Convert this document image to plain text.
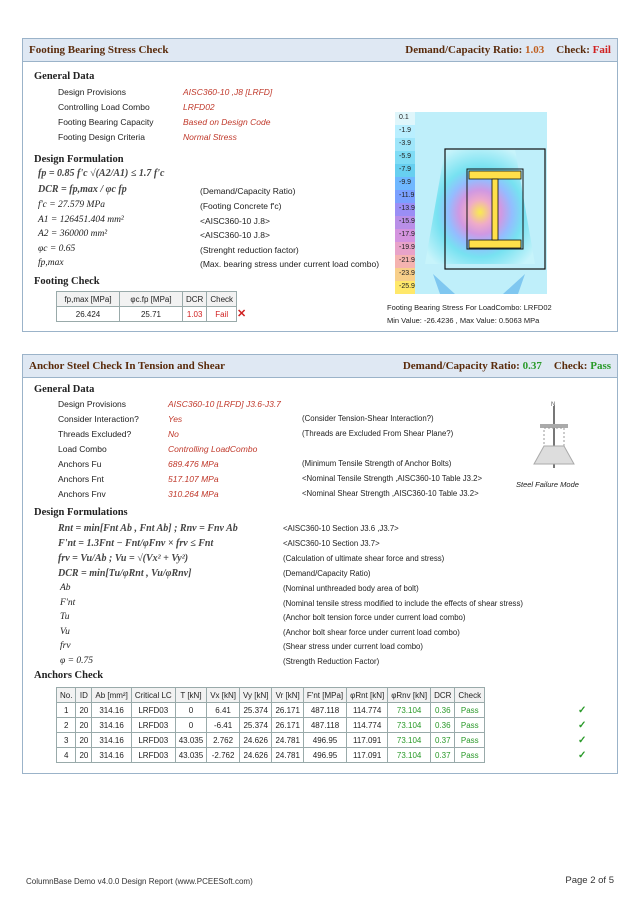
Footing Bearing Stress Check	Demand/Capacity Ratio: 1.03 Check: Fail
General Data
Design Provisions	AISC360-10 ,J8 [LRFD]
Controlling Load Combo	LRFD02
Footing Bearing Capacity	Based on Design Code
Footing Design Criteria	Normal Stress
Design Formulation
fp = 0.85 f'c √(A2/A1) ≤ 1.7 f'c
DCR = fp,max / φc fp	(Demand/Capacity Ratio)
f'c = 27.579 MPa	(Footing Concrete f'c)
A1 = 126451.404 mm²	<AISC360-10 J.8>
A2 = 360000 mm²	<AISC360-10 J.8>
φc = 0.65	(Strenght reduction factor)
fp,max	(Max. bearing stress under current load combo)
Footing Check
fp,max [MPa]	φc.fp [MPa]	DCR	Check
26.424	25.71	1.03	Fail ✕
0.1
-1.9
-3.9
-5.9
-7.9
-9.9
-11.9
-13.9
-15.9
-17.9
-19.9
-21.9
-23.9
-25.9
Footing Bearing Stress For LoadCombo: LRFD02
Min Value: -26.4236 , Max Value: 0.5063 MPa
Anchor Steel Check In Tension and Shear	Demand/Capacity Ratio: 0.37 Check: Pass
General Data
Design Provisions	AISC360-10 [LRFD] J3.6-J3.7
Consider Interaction?	Yes	(Consider Tension-Shear Interaction?)
Threads Excluded?	No	(Threads are Excluded From Shear Plane?)
Load Combo	Controlling LoadCombo
Anchors Fu	689.476 MPa	(Minimum Tensile Strength of Anchor Bolts)
Anchors Fnt	517.107 MPa	<Nominal Tensile Strength ,AISC360-10 Table J3.2>
Anchors Fnv	310.264 MPa	<Nominal Shear Strength ,AISC360-10 Table J3.2>
N
Steel Failure Mode
Design Formulations
Rnt = min[Fnt Ab , Fnt Ab] ; Rnv = Fnv Ab	<AISC360-10 Section J3.6 ,J3.7>
F'nt = 1.3Fnt − Fnt/φFnv × frv ≤ Fnt	<AISC360-10 Section J3.7>
frv = Vu/Ab ; Vu = √(Vx² + Vy²)	(Calculation of ultimate shear force and stress)
DCR = min[Tu/φRnt , Vu/φRnv]	(Demand/Capacity Ratio)
Ab	(Nominal unthreaded body area of bolt)
F'nt	(Nominal tensile stress modified to include the effects of shear stress)
Tu	(Anchor bolt tension force under current load combo)
Vu	(Anchor bolt shear force under current load combo)
frv	(Shear stress under current load combo)
φ = 0.75	(Strength Reduction Factor)
Anchors Check
No.	ID	Ab [mm²]	Critical LC	T [kN]	Vx [kN]	Vy [kN]	Vr [kN]	F'nt [MPa]	φRnt [kN]	φRnv [kN]	DCR	Check
1	20	314.16	LRFD03	0	6.41	25.374	26.171	487.118	114.774	73.104	0.36	Pass
2	20	314.16	LRFD03	0	-6.41	25.374	26.171	487.118	114.774	73.104	0.36	Pass
3	20	314.16	LRFD03	43.035	2.762	24.626	24.781	496.95	117.091	73.104	0.37	Pass
4	20	314.16	LRFD03	43.035	-2.762	24.626	24.781	496.95	117.091	73.104	0.37	Pass
ColumnBase Demo v4.0.0 Design Report (www.PCEESoft.com)	Page 2 of 5
✓
✓
✓
✓
